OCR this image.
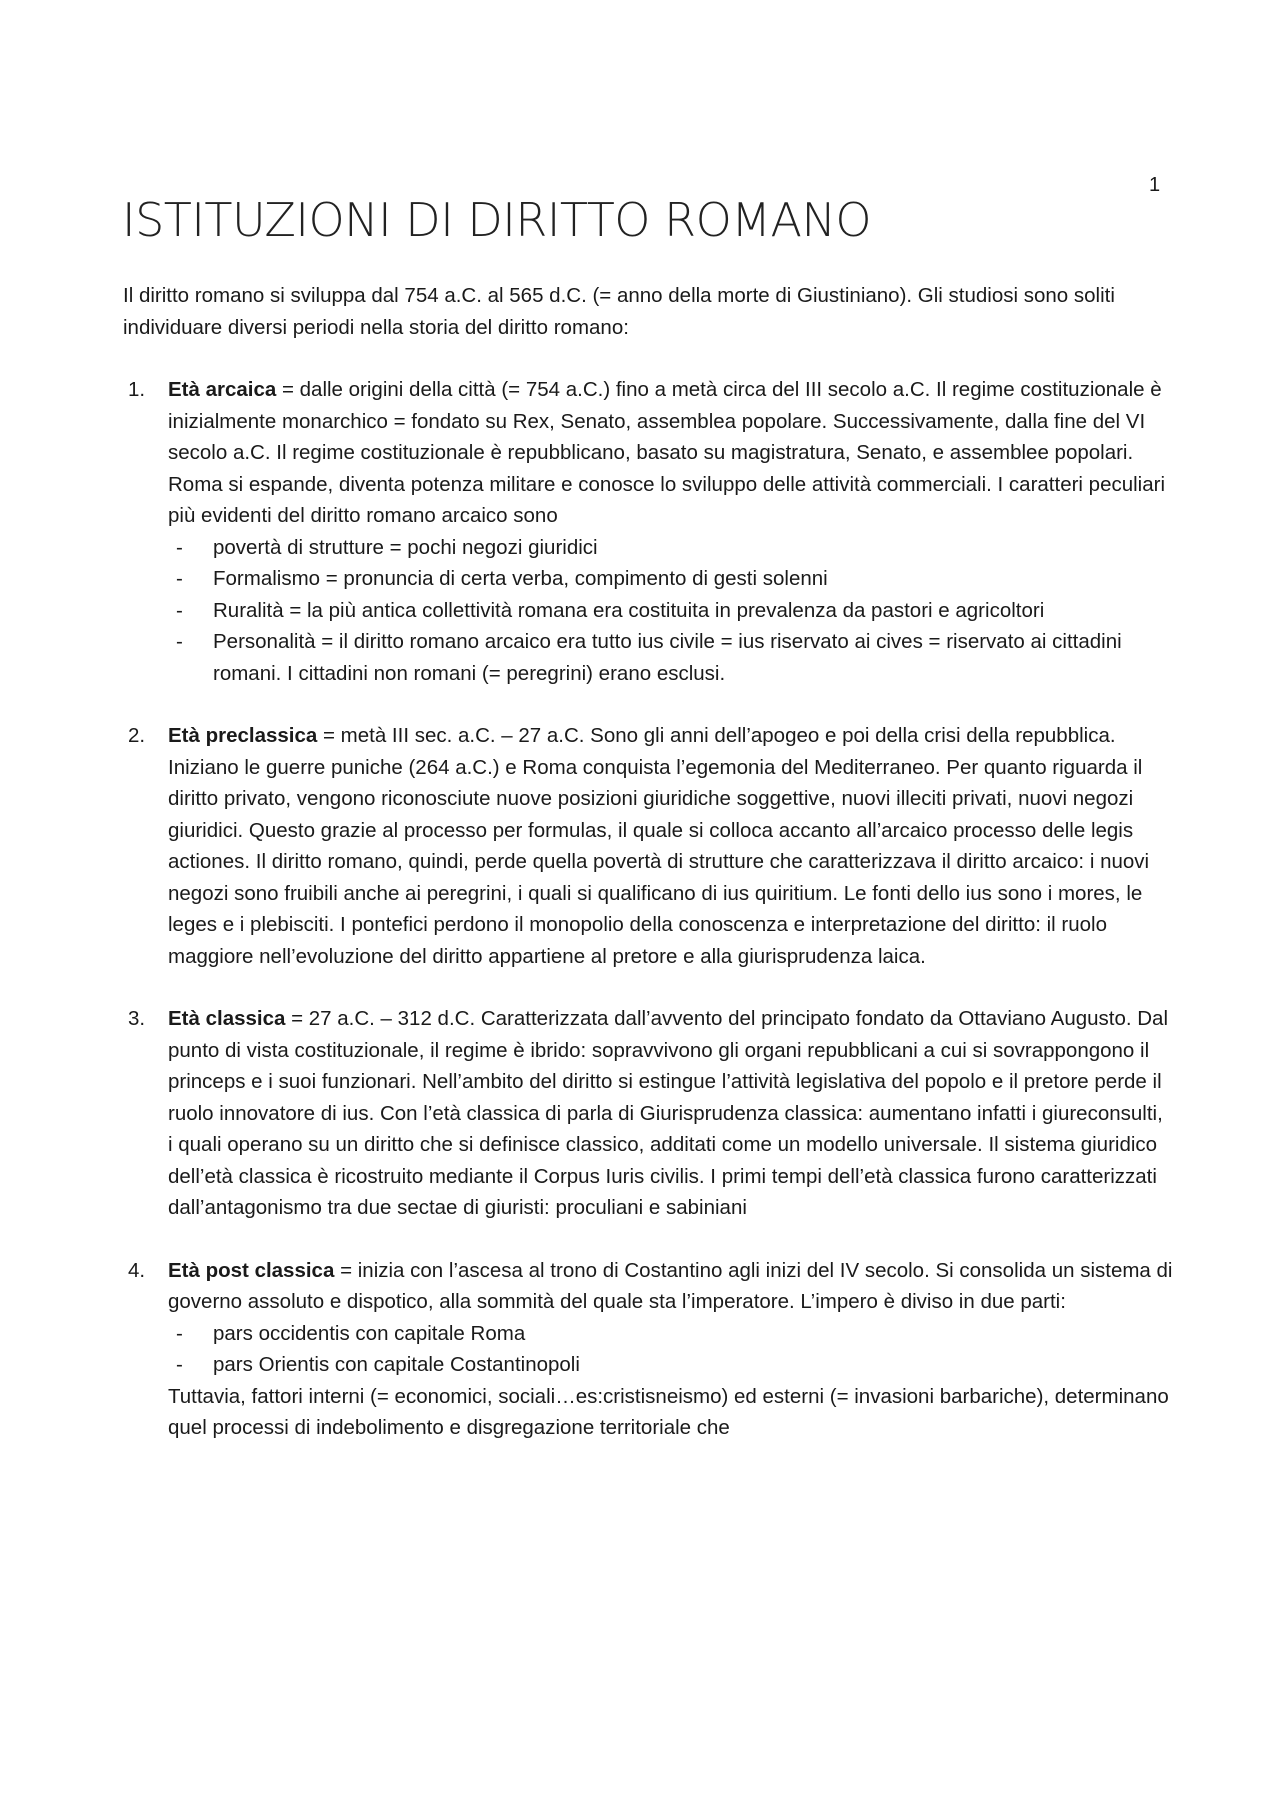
1
ISTITUZIONI DI DIRITTO ROMANO

Il diritto romano si sviluppa dal 754 a.C. al 565 d.C. (= anno della morte di Giustiniano). Gli studiosi sono soliti individuare diversi periodi nella storia del diritto romano:

1. Età arcaica = dalle origini della città (= 754 a.C.) fino a metà circa del III secolo a.C. Il regime costituzionale è inizialmente monarchico = fondato su Rex, Senato, assemblea popolare. Successivamente, dalla fine del VI secolo a.C. Il regime costituzionale è repubblicano, basato su magistratura, Senato, e assemblee popolari. Roma si espande, diventa potenza militare e conosce lo sviluppo delle attività commerciali. I caratteri peculiari più evidenti del diritto romano arcaico sono

- povertà di strutture = pochi negozi giuridici
- Formalismo = pronuncia di certa verba, compimento di gesti solenni
- Ruralità = la più antica collettività romana era costituita in prevalenza da pastori e agricoltori
- Personalità = il diritto romano arcaico era tutto ius civile = ius riservato ai cives = riservato ai cittadini romani. I cittadini non romani (= peregrini) erano esclusi.
2. Età preclassica = metà III sec. a.C. – 27 a.C. Sono gli anni dell’apogeo e poi della crisi della repubblica. Iniziano le guerre puniche (264 a.C.) e Roma conquista l’egemonia del Mediterraneo. Per quanto riguarda il diritto privato, vengono riconosciute nuove posizioni giuridiche soggettive, nuovi illeciti privati, nuovi negozi giuridici. Questo grazie al processo per formulas, il quale si colloca accanto all’arcaico processo delle legis actiones. Il diritto romano, quindi, perde quella povertà di strutture che caratterizzava il diritto arcaico: i nuovi negozi sono fruibili anche ai peregrini, i quali si qualificano di ius quiritium. Le fonti dello ius sono i mores, le leges e i plebisciti. I pontefici perdono il monopolio della conoscenza e interpretazione del diritto: il ruolo maggiore nell’evoluzione del diritto appartiene al pretore e alla giurisprudenza laica.

3. Età classica = 27 a.C. – 312 d.C. Caratterizzata dall’avvento del principato fondato da Ottaviano Augusto. Dal punto di vista costituzionale, il regime è ibrido: sopravvivono gli organi repubblicani a cui si sovrappongono il princeps e i suoi funzionari. Nell’ambito del diritto si estingue l’attività legislativa del popolo e il pretore perde il ruolo innovatore di ius. Con l’età classica di parla di Giurisprudenza classica: aumentano infatti i giureconsulti, i quali operano su un diritto che si definisce classico, additati come un modello universale. Il sistema giuridico dell’età classica è ricostruito mediante il Corpus Iuris civilis. I primi tempi dell’età classica furono caratterizzati dall’antagonismo tra due sectae di giuristi: proculiani e sabiniani

4. Età post classica = inizia con l’ascesa al trono di Costantino agli inizi del IV secolo. Si consolida un sistema di governo assoluto e dispotico, alla sommità del quale sta l’imperatore. L’impero è diviso in due parti:

- pars occidentis con capitale Roma
- pars Orientis con capitale Costantinopoli

Tuttavia, fattori interni (= economici, sociali…es:cristisneismo) ed esterni (= invasioni barbariche), determinano quel processi di indebolimento e disgregazione territoriale che
